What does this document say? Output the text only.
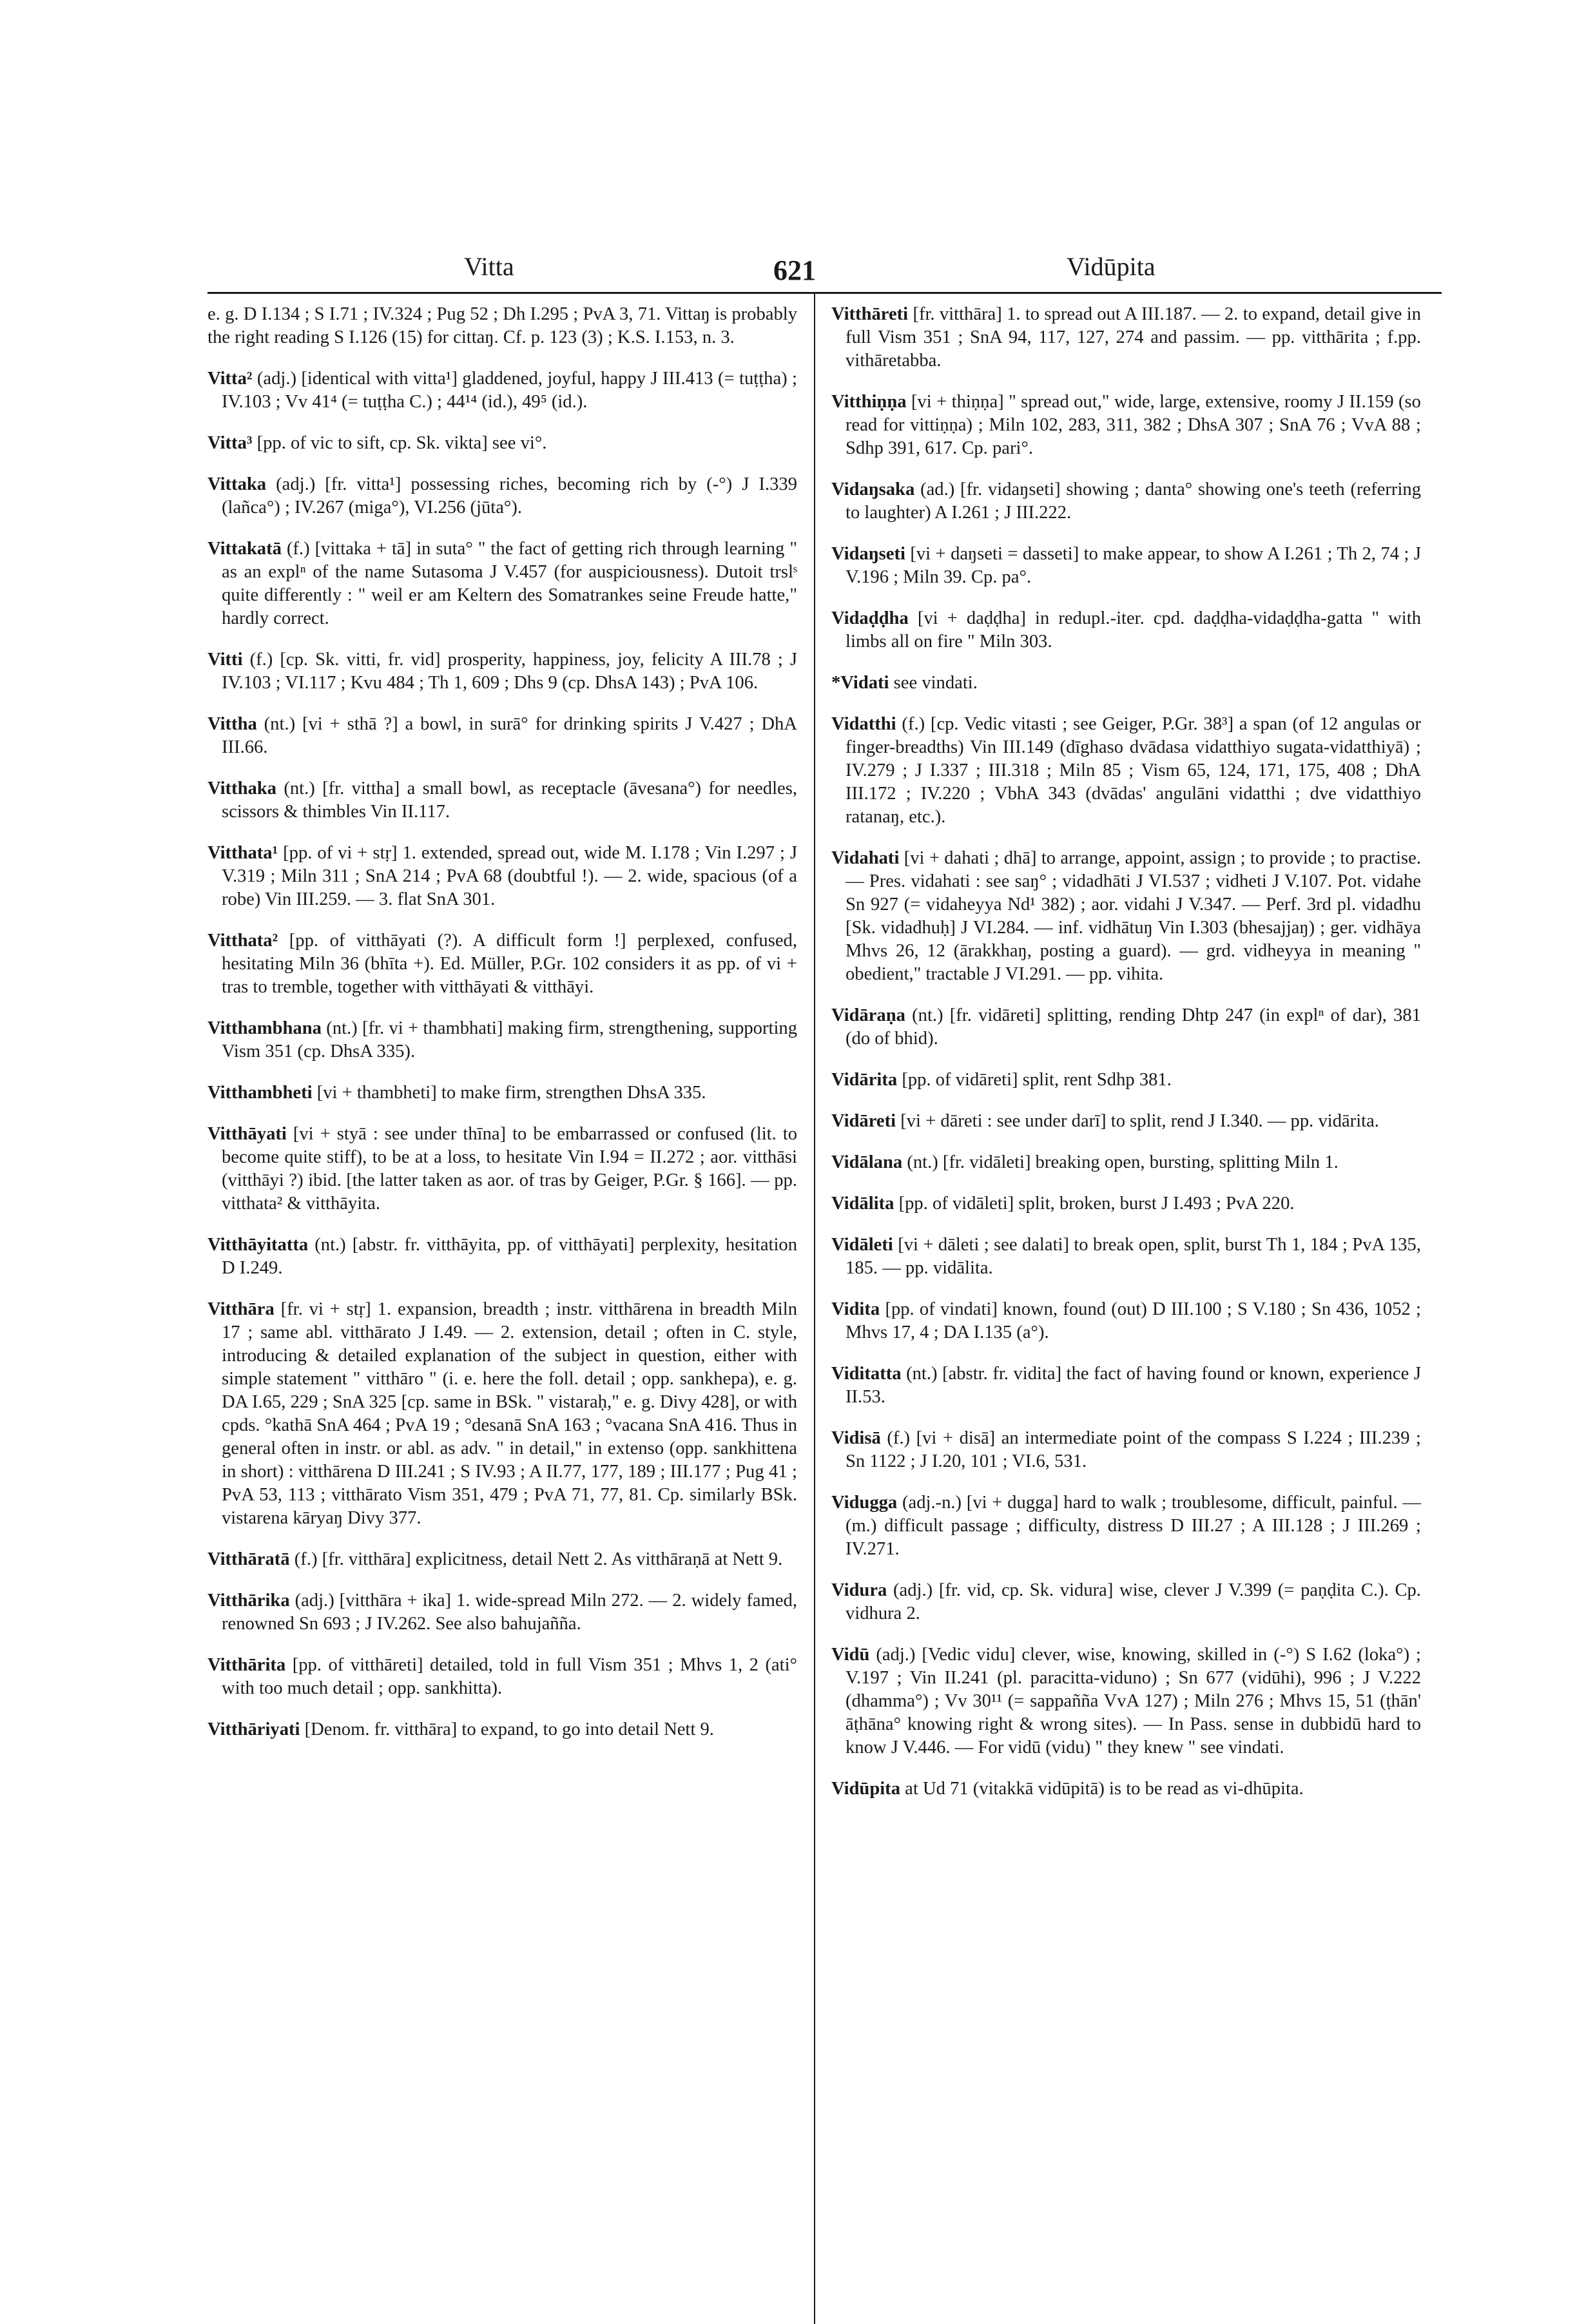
Vitta	621	Vidūpita

e. g. D I.134 ; S I.71 ; IV.324 ; Pug 52 ; Dh I.295 ; PvA 3, 71. Vittaŋ is probably the right reading S I.126 (15) for cittaŋ. Cf. p. 123 (3) ; K.S. I.153, n. 3.

Vitta² (adj.) [identical with vitta¹] gladdened, joyful, happy J III.413 (= tuṭṭha) ; IV.103 ; Vv 41⁴ (= tuṭṭha C.) ; 44¹⁴ (id.), 49⁵ (id.).

Vitta³ [pp. of vic to sift, cp. Sk. vikta] see vi°.

Vittaka (adj.) [fr. vitta¹] possessing riches, becoming rich by (-°) J I.339 (lañca°) ; IV.267 (miga°), VI.256 (jūta°).

Vittakatā (f.) [vittaka + tā] in suta° " the fact of getting rich through learning " as an explⁿ of the name Sutasoma J V.457 (for auspiciousness). Dutoit trslˢ quite differently : " weil er am Keltern des Somatrankes seine Freude hatte," hardly correct.

Vitti (f.) [cp. Sk. vitti, fr. vid] prosperity, happiness, joy, felicity A III.78 ; J IV.103 ; VI.117 ; Kvu 484 ; Th 1, 609 ; Dhs 9 (cp. DhsA 143) ; PvA 106.

Vittha (nt.) [vi + sthā ?] a bowl, in surā° for drinking spirits J V.427 ; DhA III.66.

Vitthaka (nt.) [fr. vittha] a small bowl, as receptacle (āvesana°) for needles, scissors & thimbles Vin II.117.

Vitthata¹ [pp. of vi + stṛ] 1. extended, spread out, wide M. I.178 ; Vin I.297 ; J V.319 ; Miln 311 ; SnA 214 ; PvA 68 (doubtful !). — 2. wide, spacious (of a robe) Vin III.259. — 3. flat SnA 301.

Vitthata² [pp. of vitthāyati (?). A difficult form !] perplexed, confused, hesitating Miln 36 (bhīta +). Ed. Müller, P.Gr. 102 considers it as pp. of vi + tras to tremble, together with vitthāyati & vitthāyi.

Vitthambhana (nt.) [fr. vi + thambhati] making firm, strengthening, supporting Vism 351 (cp. DhsA 335).

Vitthambheti [vi + thambheti] to make firm, strengthen DhsA 335.

Vitthāyati [vi + styā : see under thīna] to be embarrassed or confused (lit. to become quite stiff), to be at a loss, to hesitate Vin I.94 = II.272 ; aor. vitthāsi (vitthāyi ?) ibid. [the latter taken as aor. of tras by Geiger, P.Gr. § 166]. — pp. vitthata² & vitthāyita.

Vitthāyitatta (nt.) [abstr. fr. vitthāyita, pp. of vitthāyati] perplexity, hesitation D I.249.

Vitthāra [fr. vi + stṛ] 1. expansion, breadth ; instr. vitthārena in breadth Miln 17 ; same abl. vitthārato J I.49. — 2. extension, detail ; often in C. style, introducing & detailed explanation of the subject in question, either with simple statement " vitthāro " (i. e. here the foll. detail ; opp. sankhepa), e. g. DA I.65, 229 ; SnA 325 [cp. same in BSk. " vistaraḥ," e. g. Divy 428], or with cpds. °kathā SnA 464 ; PvA 19 ; °desanā SnA 163 ; °vacana SnA 416. Thus in general often in instr. or abl. as adv. " in detail," in extenso (opp. sankhittena in short) : vitthārena D III.241 ; S IV.93 ; A II.77, 177, 189 ; III.177 ; Pug 41 ; PvA 53, 113 ; vitthārato Vism 351, 479 ; PvA 71, 77, 81. Cp. similarly BSk. vistarena kāryaŋ Divy 377.

Vitthāratā (f.) [fr. vitthāra] explicitness, detail Nett 2. As vitthāraṇā at Nett 9.

Vitthārika (adj.) [vitthāra + ika] 1. wide-spread Miln 272. — 2. widely famed, renowned Sn 693 ; J IV.262. See also bahujañña.

Vitthārita [pp. of vitthāreti] detailed, told in full Vism 351 ; Mhvs 1, 2 (ati° with too much detail ; opp. sankhitta).

Vitthāriyati [Denom. fr. vitthāra] to expand, to go into detail Nett 9.

Vitthāreti [fr. vitthāra] 1. to spread out A III.187. — 2. to expand, detail give in full Vism 351 ; SnA 94, 117, 127, 274 and passim. — pp. vitthārita ; f.pp. vithāretabba.

Vitthiṇṇa [vi + thiṇṇa] " spread out," wide, large, extensive, roomy J II.159 (so read for vittiṇṇa) ; Miln 102, 283, 311, 382 ; DhsA 307 ; SnA 76 ; VvA 88 ; Sdhp 391, 617. Cp. pari°.

Vidaŋsaka (ad.) [fr. vidaŋseti] showing ; danta° showing one's teeth (referring to laughter) A I.261 ; J III.222.

Vidaŋseti [vi + daŋseti = dasseti] to make appear, to show A I.261 ; Th 2, 74 ; J V.196 ; Miln 39. Cp. pa°.

Vidaḍḍha [vi + daḍḍha] in redupl.-iter. cpd. daḍḍha-vidaḍḍha-gatta " with limbs all on fire " Miln 303.

*Vidati see vindati.

Vidatthi (f.) [cp. Vedic vitasti ; see Geiger, P.Gr. 38³] a span (of 12 angulas or finger-breadths) Vin III.149 (dīghaso dvādasa vidatthiyo sugata-vidatthiyā) ; IV.279 ; J I.337 ; III.318 ; Miln 85 ; Vism 65, 124, 171, 175, 408 ; DhA III.172 ; IV.220 ; VbhA 343 (dvādas' angulāni vidatthi ; dve vidatthiyo ratanaŋ, etc.).

Vidahati [vi + dahati ; dhā] to arrange, appoint, assign ; to provide ; to practise. — Pres. vidahati : see saŋ° ; vidadhāti J VI.537 ; vidheti J V.107. Pot. vidahe Sn 927 (= vidaheyya Nd¹ 382) ; aor. vidahi J V.347. — Perf. 3rd pl. vidadhu [Sk. vidadhuḥ] J VI.284. — inf. vidhātuŋ Vin I.303 (bhesajjaŋ) ; ger. vidhāya Mhvs 26, 12 (ārakkhaŋ, posting a guard). — grd. vidheyya in meaning " obedient," tractable J VI.291. — pp. vihita.

Vidāraṇa (nt.) [fr. vidāreti] splitting, rending Dhtp 247 (in explⁿ of dar), 381 (do of bhid).

Vidārita [pp. of vidāreti] split, rent Sdhp 381.

Vidāreti [vi + dāreti : see under darī] to split, rend J I.340. — pp. vidārita.

Vidālana (nt.) [fr. vidāleti] breaking open, bursting, splitting Miln 1.

Vidālita [pp. of vidāleti] split, broken, burst J I.493 ; PvA 220.

Vidāleti [vi + dāleti ; see dalati] to break open, split, burst Th 1, 184 ; PvA 135, 185. — pp. vidālita.

Vidita [pp. of vindati] known, found (out) D III.100 ; S V.180 ; Sn 436, 1052 ; Mhvs 17, 4 ; DA I.135 (a°).

Viditatta (nt.) [abstr. fr. vidita] the fact of having found or known, experience J II.53.

Vidisā (f.) [vi + disā] an intermediate point of the compass S I.224 ; III.239 ; Sn 1122 ; J I.20, 101 ; VI.6, 531.

Vidugga (adj.-n.) [vi + dugga] hard to walk ; troublesome, difficult, painful. — (m.) difficult passage ; difficulty, distress D III.27 ; A III.128 ; J III.269 ; IV.271.

Vidura (adj.) [fr. vid, cp. Sk. vidura] wise, clever J V.399 (= paṇḍita C.). Cp. vidhura 2.

Vidū (adj.) [Vedic vidu] clever, wise, knowing, skilled in (-°) S I.62 (loka°) ; V.197 ; Vin II.241 (pl. paracitta-viduno) ; Sn 677 (vidūhi), 996 ; J V.222 (dhamma°) ; Vv 30¹¹ (= sappañña VvA 127) ; Miln 276 ; Mhvs 15, 51 (ṭhān' āṭhāna° knowing right & wrong sites). — In Pass. sense in dubbidū hard to know J V.446. — For vidū (vidu) " they knew " see vindati.

Vidūpita at Ud 71 (vitakkā vidūpitā) is to be read as vi-dhūpita.
